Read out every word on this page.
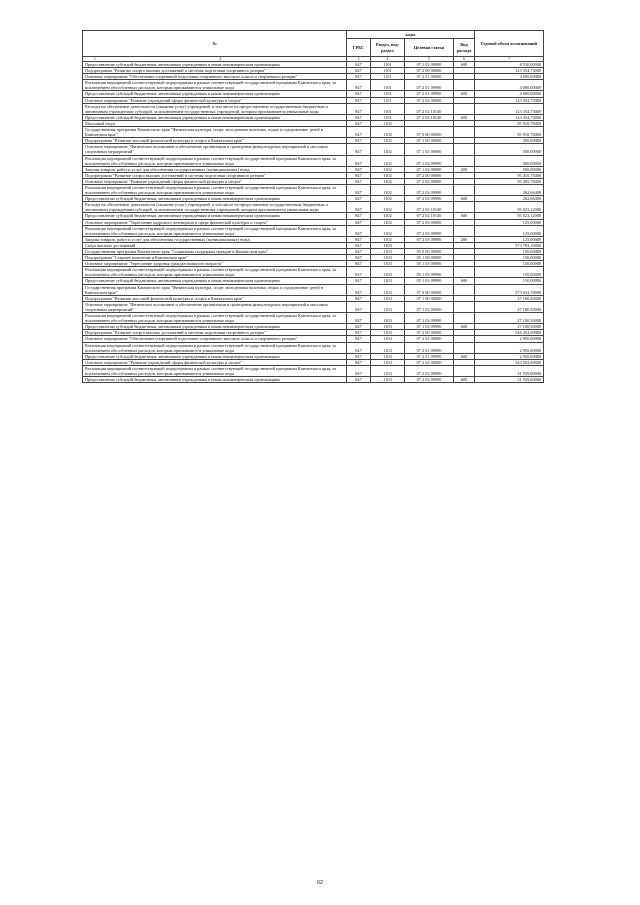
№	коды				Годовой объем ассигнований
	ГРБС	Раздел, под-раздел	Целевая статья	Вид расхода	

1 2	3	4	5	6	7
Предоставление субсидий бюджетным, автономным учреждениям и иным некоммерческим организациям	847	1101	07 1 02 09990	600	8 530,00000
Подпрограмма "Развитие спорта высших достижений и системы подготовки спортивного резерва"	847	1101	07 2 00 00000		123 354,73000
Основное мероприятие "Обеспечение спортивной подготовки спортивного высокого класса и спортивного резерва"	847	1101	07 2 01 00000		4 000,00000
Реализация мероприятий соответствующей подпрограммы в рамках соответствующей государственной программы Камчатского края, за исключением обособленных расходов, которым присваиваются уникальные коды	847	1101	07 2 01 09990		4 000,00000
Предоставление субсидий бюджетным, автономным учреждениям и иным некоммерческим организациям	847	1101	07 2 01 09990	600	4 000,00000
Основное мероприятие "Развитие учреждений сферы физической культуры и спорта"	847	1101	07 2 02 00000		123 354,73000
Расходы на обеспечение деятельности (оказание услуг) учреждений, в том числе на предоставление государственным бюджетным и автономным учреждениям субсидий, за исключением государственных учреждений, которым присваиваются уникальные коды	847	1101	07 2 02 10140		123 354,73000
Предоставление субсидий бюджетным, автономным учреждениям и иным некоммерческим организациям	847	1101	07 2 02 10140	600	123 354,73000
Массовый спорт	847	1102			95 910,78400
Государственная программа Камчатского края "Физическая культура, спорт, молодежная политика, отдых и оздоровление детей в Камчатском крае"	847	1102	07 0 00 00000		95 910,78400
Подпрограмма "Развитие массовой физической культуры и спорта в Камчатском крае"	847	1102	07 1 00 00000		500,00000
Основное мероприятие "Физическое воспитание и обеспечение организации и проведения физкультурных мероприятий и массовых спортивных мероприятий"	847	1102	07 1 02 00000		500,00000
Реализация мероприятий соответствующей подпрограммы в рамках соответствующей государственной программы Камчатского края, за исключением обособленных расходов, которым присваиваются уникальные коды	847	1102	07 1 02 09990		500,00000
Закупка товаров, работ и услуг для обеспечения государственных (муниципальных) нужд	847	1102	07 1 02 09990	200	500,00000
Подпрограмма "Развитие спорта высших достижений и системы подготовки спортивного резерва"	847	1102	07 2 00 00000		95 410,78400
Основное мероприятие "Развитие учреждений сферы физической культуры и спорта"	847	1102	07 2 02 00000		95 285,78400
Реализация мероприятий соответствующей подпрограммы в рамках соответствующей государственной программы Камчатского края, за исключением обособленных расходов, которым присваиваются уникальные коды	847	1102	07 2 02 09990		262,66400
Предоставление субсидий бюджетным, автономным учреждениям и иным некоммерческим организациям	847	1102	07 2 02 09990	600	262,66400
Расходы на обеспечение деятельности (оказание услуг) учреждений, в том числе на предоставление государственным бюджетным и автономным учреждениям субсидий, за исключением государственных учреждений, которым присваиваются уникальные коды	847	1102	07 2 02 10140		95 023,12000
Предоставление субсидий бюджетным, автономным учреждениям и иным некоммерческим организациям	847	1102	07 2 02 10140	600	95 023,12000
Основное мероприятие "Укрепление кадрового потенциала в сфере физической культуры и спорта"	847	1102	07 2 03 00000		125,00000
Реализация мероприятий соответствующей подпрограммы в рамках соответствующей государственной программы Камчатского края, за исключением обособленных расходов, которым присваиваются уникальные коды	847	1102	07 2 03 09990		125,00000
Закупка товаров, работ и услуг для обеспечения государственных (муниципальных) нужд	847	1102	07 2 03 09990	200	125,00000
Спорт высших достижений	847	1103			573 783,19000
Государственная программа Камчатского края "Социальная поддержка граждан в Камчатском крае"	847	1103	05 0 00 00000		150,00000
Подпрограмма "Старшее поколение в Камчатском крае"	847	1103	05 1 00 00000		150,00000
Основное мероприятие "Укрепление здоровья граждан пожилого возраста"	847	1103	05 1 03 00000		150,00000
Реализация мероприятий соответствующей подпрограммы в рамках соответствующей государственной программы Камчатского края, за исключением обособленных расходов, которым присваиваются уникальные коды	847	1103	05 1 03 09990		150,00000
Предоставление субсидий бюджетным, автономным учреждениям и иным некоммерческим организациям	847	1103	05 1 03 09990	600	150,00000
Государственная программа Камчатского края "Физическая культура, спорт, молодежная политика, отдых и оздоровление детей в Камчатском крае"	847	1103	07 0 00 00000		573 633,19000
Подпрограмма "Развитие массовой физической культуры и спорта в Камчатском крае"	847	1103	07 1 00 00000		27 180,50000
Основное мероприятие "Физическое воспитание и обеспечение организации и проведения физкультурных мероприятий и массовых спортивных мероприятий"	847	1103	07 1 02 00000		27 180,50000
Реализация мероприятий соответствующей подпрограммы в рамках соответствующей государственной программы Камчатского края, за исключением обособленных расходов, которым присваиваются уникальные коды	847	1103	07 1 02 09990		27 180,50000
Предоставление субсидий бюджетным, автономным учреждениям и иным некоммерческим организациям	847	1103	07 1 02 09990	600	27 180,50000
Подпрограмма "Развитие спорта высших достижений и системы подготовки спортивного резерва"	847	1103	07 2 00 00000		546 452,69000
Основное мероприятие "Обеспечение спортивной подготовки спортивного высокого класса и спортивного резерва"	847	1103	07 2 01 00000		2 950,00000
Реализация мероприятий соответствующей подпрограммы в рамках соответствующей государственной программы Камчатского края, за исключением обособленных расходов, которым присваиваются уникальные коды	847	1103	07 2 01 09990		2 950,00000
Предоставление субсидий бюджетным, автономным учреждениям и иным некоммерческим организациям	847	1103	07 2 01 09990	600	2 950,00000
Основное мероприятие "Развитие учреждений сферы физической культуры и спорта"	847	1103	07 2 02 00000		543 502,69000
Реализация мероприятий соответствующей подпрограммы в рамках соответствующей государственной программы Камчатского края, за исключением обособленных расходов, которым присваиваются уникальные коды	847	1103	07 2 02 09990		31 939,60000
Предоставление субсидий бюджетным, автономным учреждениям и иным некоммерческим организациям	847	1103	07 2 02 09990	600	31 939,60000
62
